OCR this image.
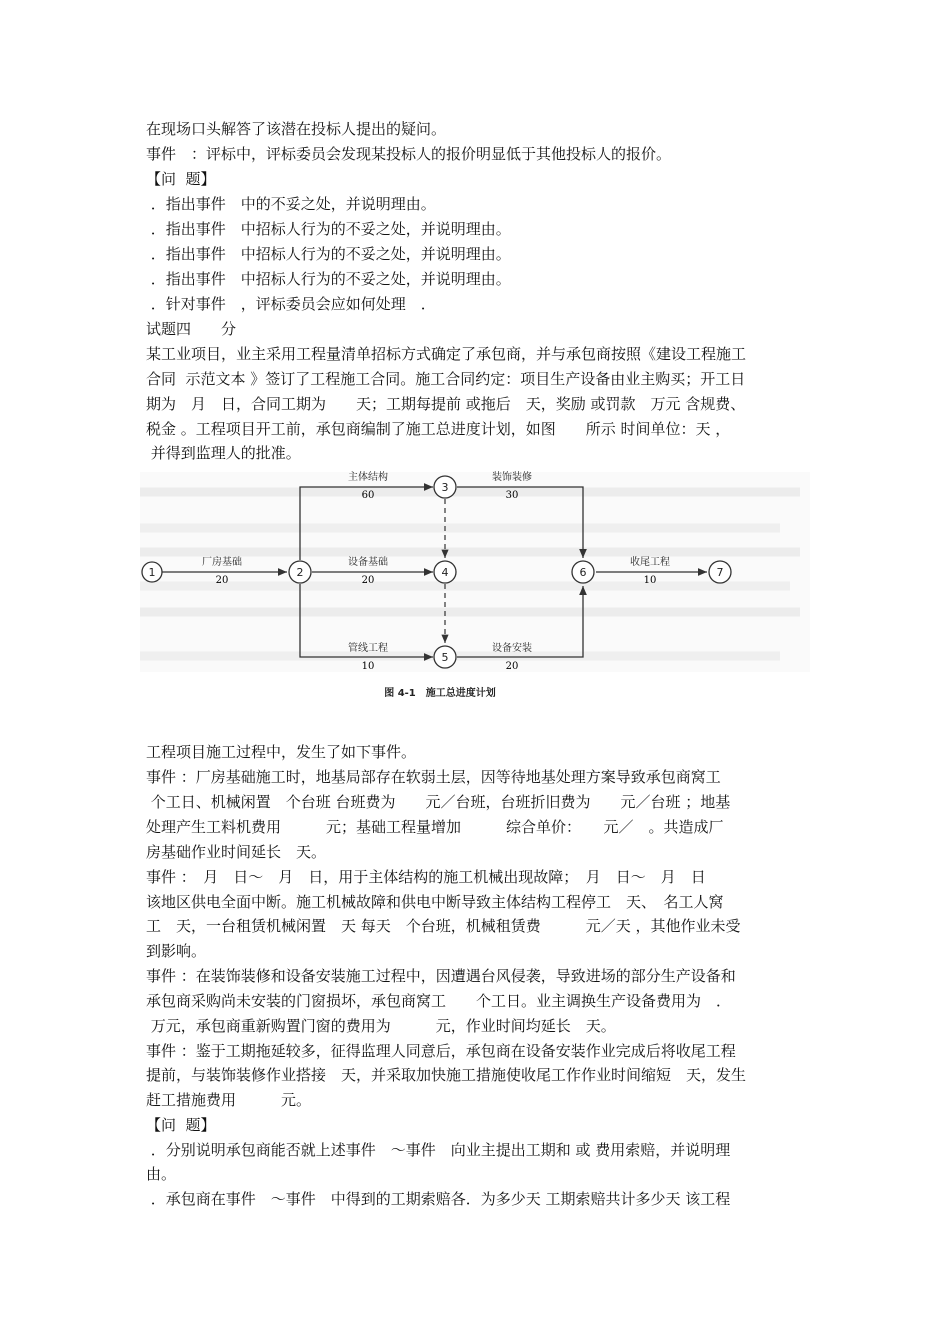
在现场口头解答了该潜在投标人提出的疑问。
事件　：评标中，评标委员会发现某投标人的报价明显低于其他投标人的报价。
【问  题】
．指出事件　中的不妥之处，并说明理由。
．指出事件　中招标人行为的不妥之处，并说明理由。
．指出事件　中招标人行为的不妥之处，并说明理由。
．指出事件　中招标人行为的不妥之处，并说明理由。
．针对事件　，评标委员会应如何处理　．
试题四　　分
某工业项目，业主采用工程量清单招标方式确定了承包商，并与承包商按照《建设工程施工
合同  示范文本 》签订了工程施工合同。施工合同约定：项目生产设备由业主购买；开工日
期为　月　日，合同工期为　　天；工期每提前 或拖后　天，奖励 或罚款　万元 含规费、
税金 。工程项目开工前，承包商编制了施工总进度计划，如图　　所示 时间单位：天 ，
并得到监理人的批准。
厂房基础
20
主体结构
60
设备基础
20
管线工程
10
装饰装修
30
设备安装
20
收尾工程
10
1	2
3
4
5
6	7
图 4-1　施工总进度计划
工程项目施工过程中，发生了如下事件。
事件 ：厂房基础施工时，地基局部存在软弱土层，因等待地基处理方案导致承包商窝工
个工日、机械闲置　个台班 台班费为　　元／台班，台班折旧费为　　元／台班 ；地基
处理产生工料机费用　　　元；基础工程量增加　　　综合单价：　　元／　。共造成厂
房基础作业时间延长　天。
事件 ：　月　日～　月　日，用于主体结构的施工机械出现故障；　月　日～　月　日
该地区供电全面中断。施工机械故障和供电中断导致主体结构工程停工　天、　名工人窝
工　天，一台租赁机械闲置　天 每天　个台班，机械租赁费　　　元／天 ，其他作业未受
到影响。
事件 ：在装饰装修和设备安装施工过程中，因遭遇台风侵袭，导致进场的部分生产设备和
承包商采购尚未安装的门窗损坏，承包商窝工　　个工日。业主调换生产设备费用为　．
万元，承包商重新购置门窗的费用为　　　元，作业时间均延长　天。
事件 ：鉴于工期拖延较多，征得监理人同意后，承包商在设备安装作业完成后将收尾工程
提前，与装饰装修作业搭接　天，并采取加快施工措施使收尾工作作业时间缩短　天，发生
赶工措施费用　　　元。
【问  题】
．分别说明承包商能否就上述事件　～事件　向业主提出工期和 或 费用索赔，并说明理
由。
．承包商在事件　～事件　中得到的工期索赔各．为多少天 工期索赔共计多少天 该工程
